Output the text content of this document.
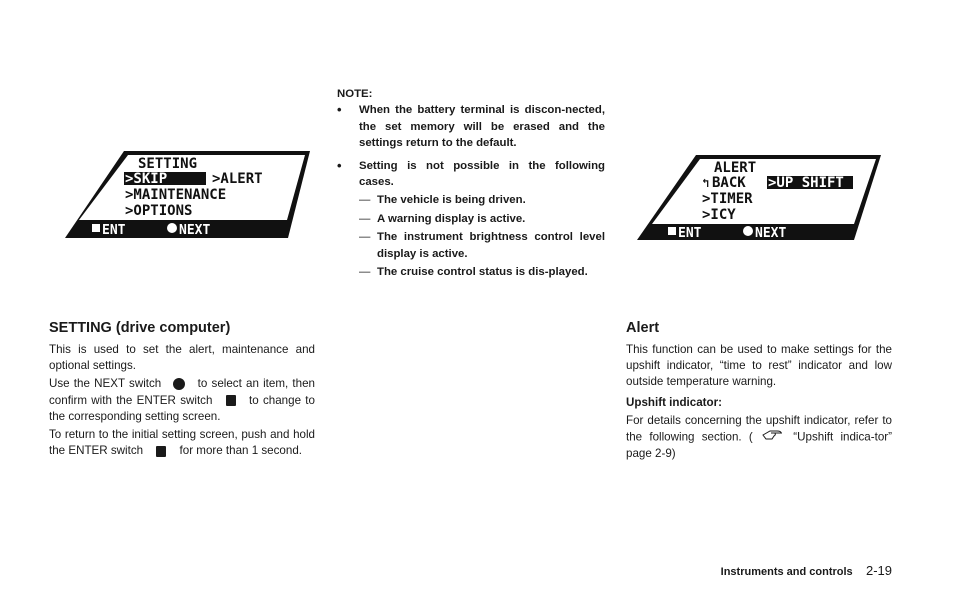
NOTE:
• When the battery terminal is discon-nected, the set memory will be erased and the settings return to the default.
• Setting is not possible in the following cases.
— The vehicle is being driven.
— A warning display is active.
— The instrument brightness control level display is active.
— The cruise control status is dis-played.
SETTING
>SKIP	>ALERT
>MAINTENANCE
>OPTIONS
ENT	NEXT
ALERT
↰ BACK >UP SHIFT
>TIMER
>ICY
ENT	NEXT

SETTING (drive computer)

This is used to set the alert, maintenance and optional settings.

Use the NEXT switch	to select an item, then confirm with the ENTER switch	to change to the corresponding setting screen.

To return to the initial setting screen, push and hold the ENTER switch	for more than 1 second.

Alert

This function can be used to make settings for the upshift indicator, “time to rest” indicator and low outside temperature warning.

Upshift indicator:

For details concerning the upshift indicator, refer to the following section. (	“Upshift indica-tor” page 2-9)

Instruments and controls 2-19
